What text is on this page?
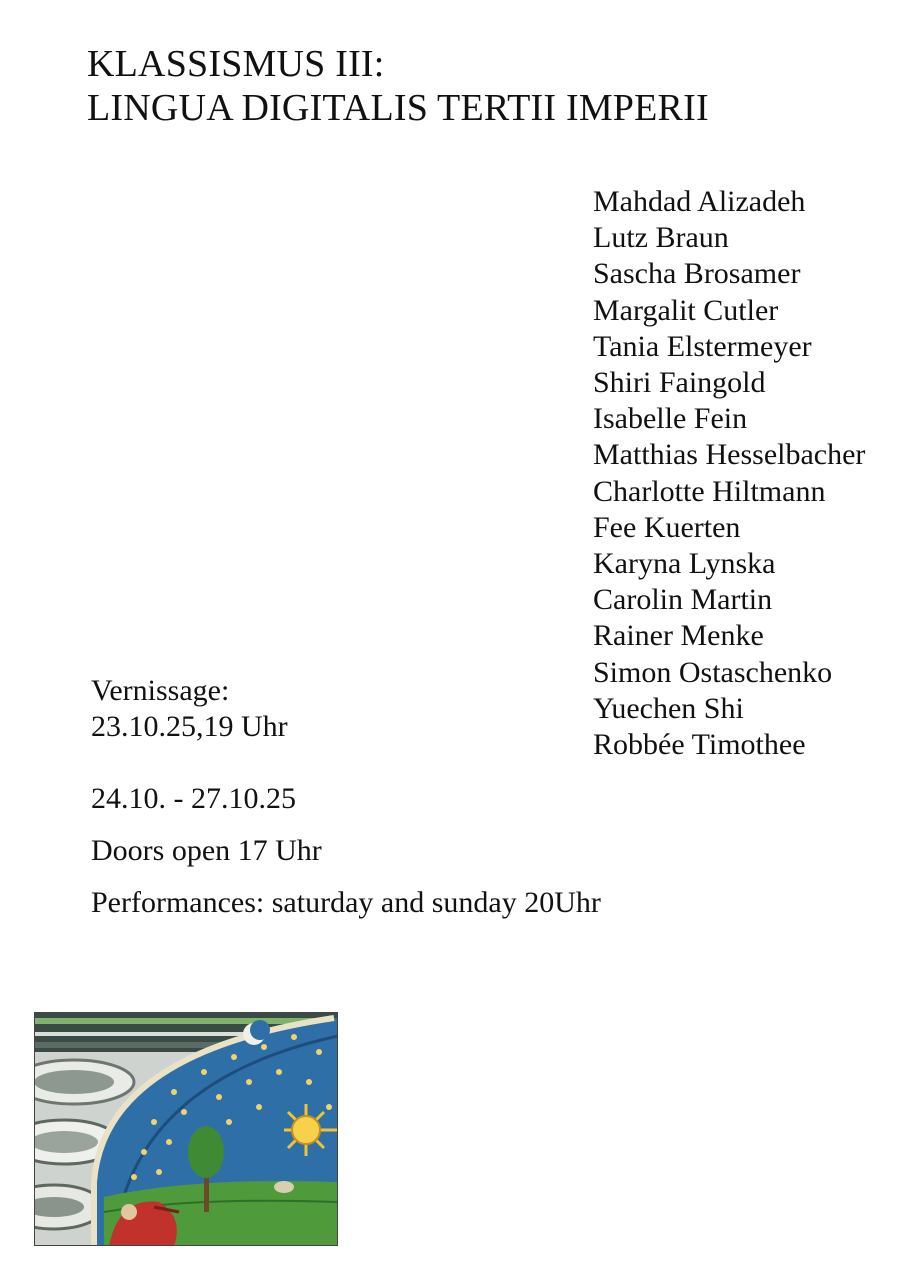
KLASSISMUS III:
LINGUA DIGITALIS TERTII IMPERII
Mahdad Alizadeh
Lutz Braun
Sascha Brosamer
Margalit Cutler
Tania Elstermeyer
Shiri Faingold
Isabelle Fein
Matthias Hesselbacher
Charlotte Hiltmann
Fee Kuerten
Karyna Lynska
Carolin Martin
Rainer Menke
Simon Ostaschenko
Yuechen Shi
Robbée Timothee
Vernissage:
23.10.25,19 Uhr
24.10. - 27.10.25
Doors open 17 Uhr
Performances: saturday and sunday 20Uhr
